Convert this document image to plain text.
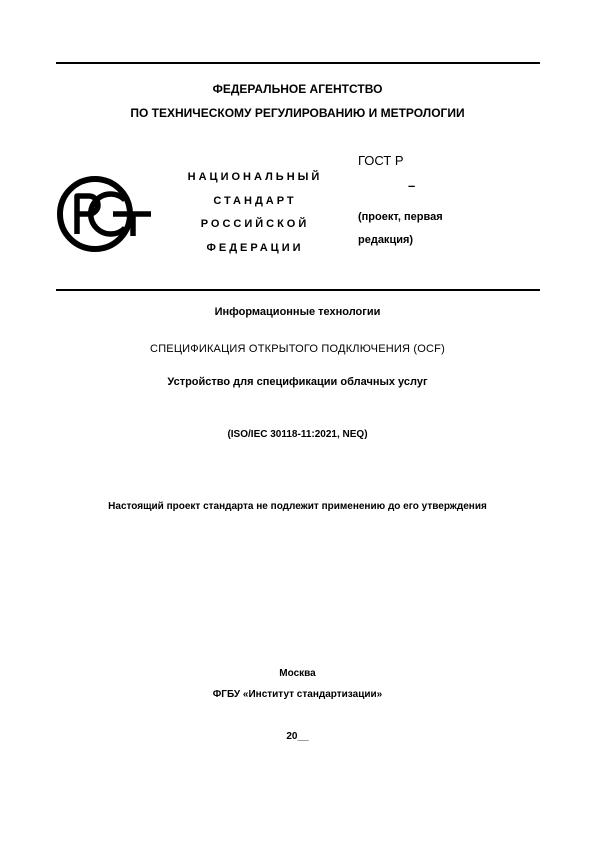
ФЕДЕРАЛЬНОЕ АГЕНТСТВО
ПО ТЕХНИЧЕСКОМУ РЕГУЛИРОВАНИЮ И МЕТРОЛОГИИ
НАЦИОНАЛЬНЫЙ
СТАНДАРТ
РОССИЙСКОЙ
ФЕДЕРАЦИИ
ГОСТ Р
–
(проект, первая
редакция)
Информационные технологии
СПЕЦИФИКАЦИЯ ОТКРЫТОГО ПОДКЛЮЧЕНИЯ (OCF)
Устройство для спецификации облачных услуг
(ISO/IEC 30118-11:2021, NEQ)
Настоящий проект стандарта не подлежит применению до его утверждения
Москва
ФГБУ «Институт стандартизации»
20__
